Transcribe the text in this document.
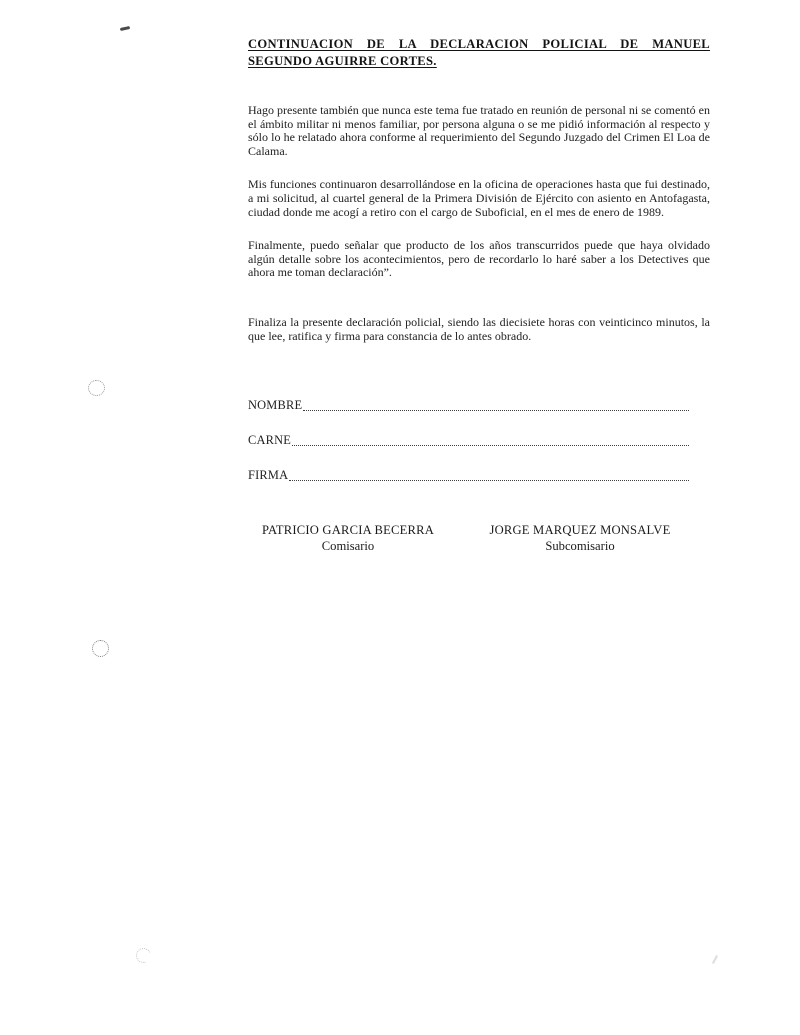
CONTINUACION DE LA DECLARACION POLICIAL DE MANUEL
SEGUNDO AGUIRRE CORTES.

Hago presente también que nunca este tema fue tratado en reunión de personal ni se comentó en el ámbito militar ni menos familiar, por persona alguna o se me pidió información al respecto y sólo lo he relatado ahora conforme al requerimiento del Segundo Juzgado del Crimen El Loa de Calama.

Mis funciones continuaron desarrollándose en la oficina de operaciones hasta que fui destinado, a mi solicitud, al cuartel general de la Primera División de Ejército con asiento en Antofagasta, ciudad donde me acogí a retiro con el cargo de Suboficial, en el mes de enero de 1989.

Finalmente, puedo señalar que producto de los años transcurridos puede que haya olvidado algún detalle sobre los acontecimientos, pero de recordarlo lo haré saber a los Detectives que ahora me toman declaración”.

Finaliza la presente declaración policial, siendo las diecisiete horas con veinticinco minutos, la que lee, ratifica y firma para constancia de lo antes obrado.

NOMBRE
CARNE
FIRMA
PATRICIO GARCIA BECERRA
Comisario
JORGE MARQUEZ MONSALVE
Subcomisario
